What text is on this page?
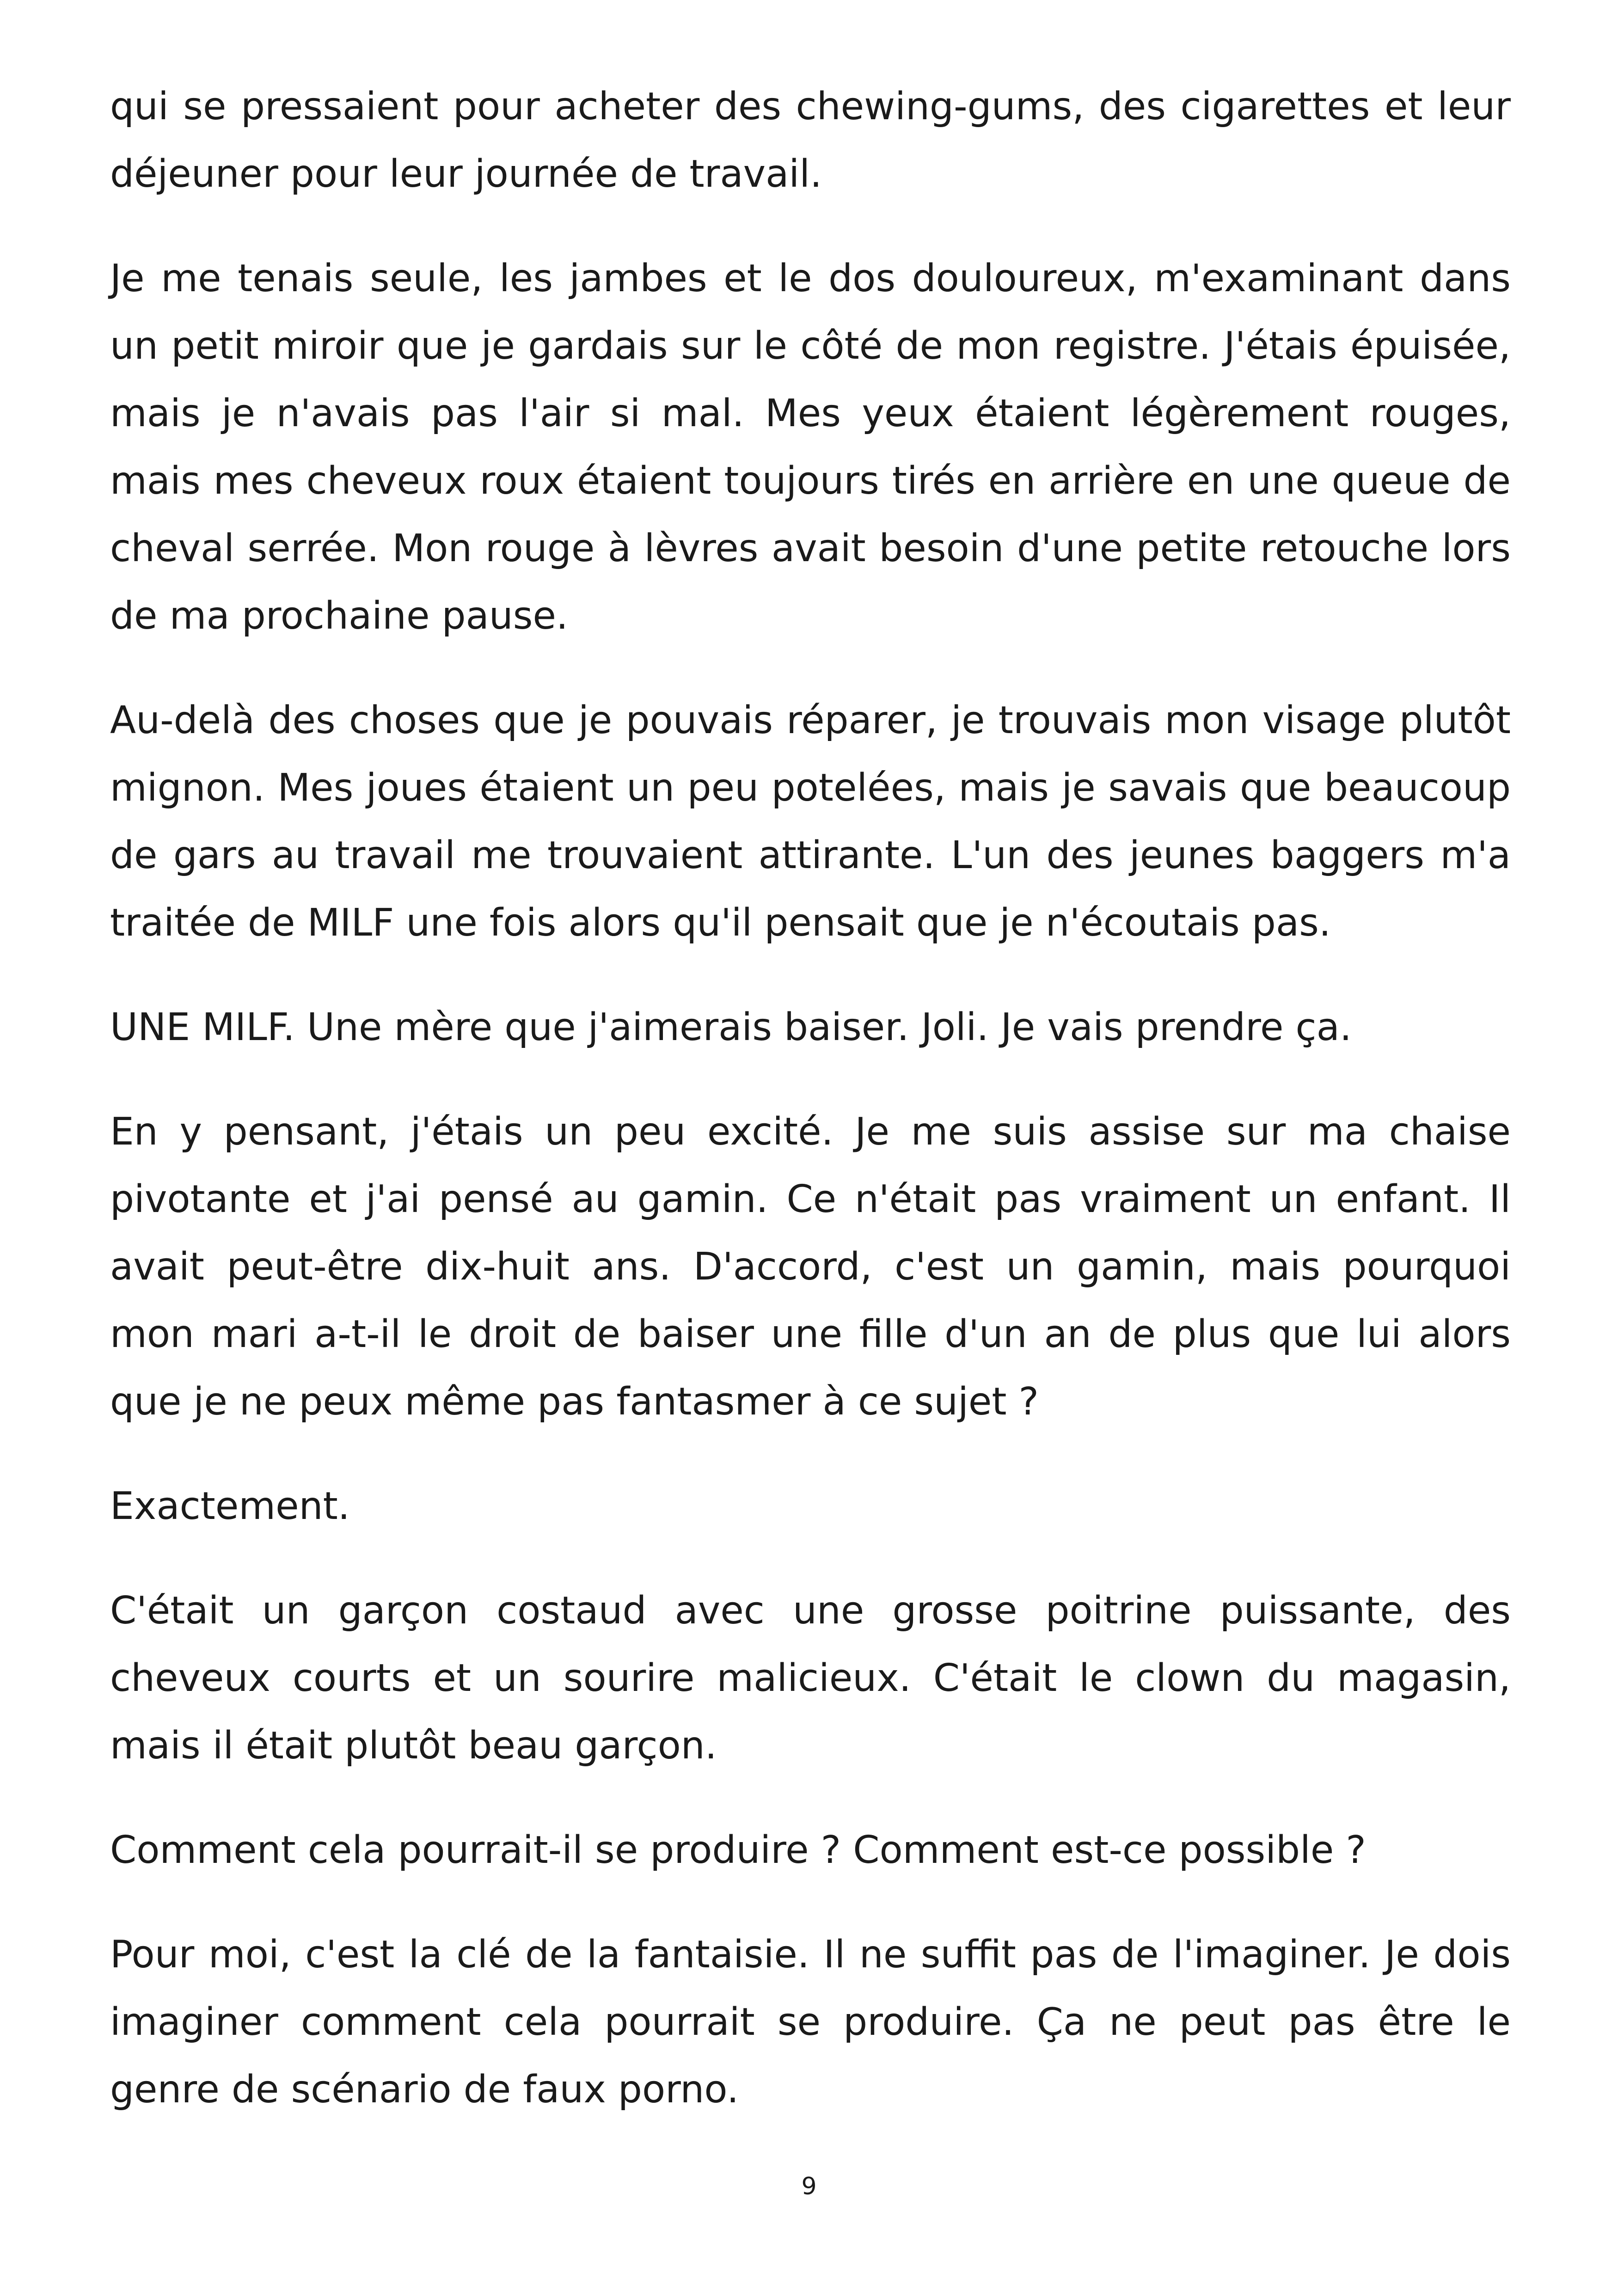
qui se pressaient pour acheter des chewing-gums, des cigarettes et leur déjeuner pour leur journée de travail.

Je me tenais seule, les jambes et le dos douloureux, m'examinant dans un petit miroir que je gardais sur le côté de mon registre. J'étais épuisée, mais je n'avais pas l'air si mal. Mes yeux étaient légèrement rouges, mais mes cheveux roux étaient toujours tirés en arrière en une queue de cheval serrée. Mon rouge à lèvres avait besoin d'une petite retouche lors de ma prochaine pause.

Au-delà des choses que je pouvais réparer, je trouvais mon visage plutôt mignon. Mes joues étaient un peu potelées, mais je savais que beaucoup de gars au travail me trouvaient attirante. L'un des jeunes baggers m'a traitée de MILF une fois alors qu'il pensait que je n'écoutais pas.

UNE MILF. Une mère que j'aimerais baiser. Joli. Je vais prendre ça.

En y pensant, j'étais un peu excité. Je me suis assise sur ma chaise pivotante et j'ai pensé au gamin. Ce n'était pas vraiment un enfant. Il avait peut-être dix-huit ans. D'accord, c'est un gamin, mais pourquoi mon mari a-t-il le droit de baiser une fille d'un an de plus que lui alors que je ne peux même pas fantasmer à ce sujet ?

Exactement.

C'était un garçon costaud avec une grosse poitrine puissante, des cheveux courts et un sourire malicieux. C'était le clown du magasin, mais il était plutôt beau garçon.

Comment cela pourrait-il se produire ? Comment est-ce possible ?

Pour moi, c'est la clé de la fantaisie. Il ne suffit pas de l'imaginer. Je dois imaginer comment cela pourrait se produire. Ça ne peut pas être le genre de scénario de faux porno.

9
